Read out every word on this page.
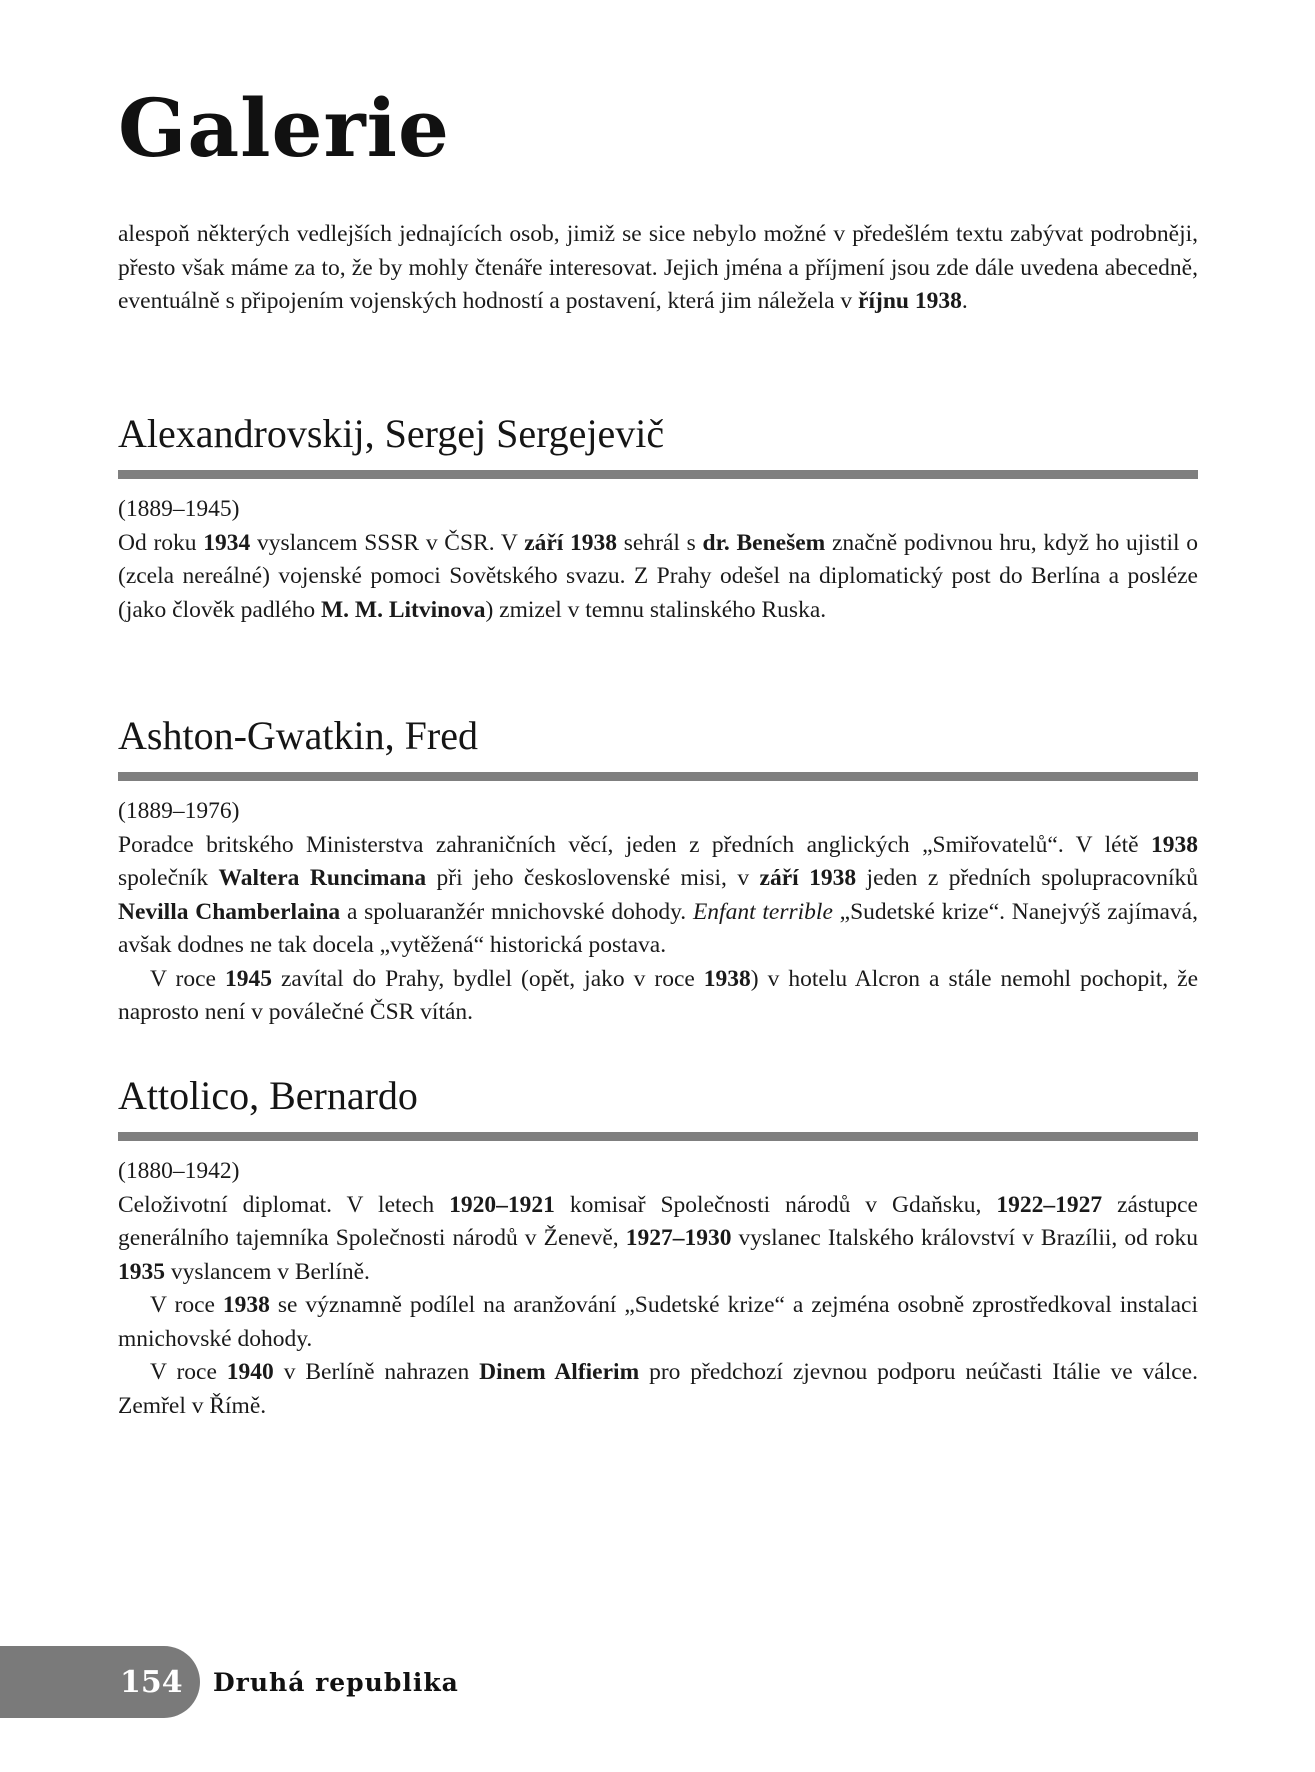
Galerie

alespoň některých vedlejších jednajících osob, jimiž se sice nebylo možné v předešlém textu zabývat podrobněji, přesto však máme za to, že by mohly čtenáře interesovat. Jejich jména a příjmení jsou zde dále uvedena abecedně, eventuálně s připojením vojenských hodností a postavení, která jim náležela v říjnu 1938.

Alexandrovskij, Sergej Sergejevič

(1889–1945)

Od roku 1934 vyslancem SSSR v ČSR. V září 1938 sehrál s dr. Benešem značně podivnou hru, když ho ujistil o (zcela nereálné) vojenské pomoci Sovětského svazu. Z Prahy odešel na diplomatický post do Berlína a posléze (jako člověk padlého M. M. Litvinova) zmizel v temnu stalinského Ruska.

Ashton-Gwatkin, Fred

(1889–1976)

Poradce britského Ministerstva zahraničních věcí, jeden z předních anglických „Smiřovatelů“. V létě 1938 společník Waltera Runcimana při jeho československé misi, v září 1938 jeden z předních spolupracovníků Nevilla Chamberlaina a spoluaranžér mnichovské dohody. Enfant terrible „Sudetské krize“. Nanejvýš zajímavá, avšak dodnes ne tak docela „vytěžená“ historická postava.

V roce 1945 zavítal do Prahy, bydlel (opět, jako v roce 1938) v hotelu Alcron a stále nemohl pochopit, že naprosto není v poválečné ČSR vítán.

Attolico, Bernardo

(1880–1942)

Celoživotní diplomat. V letech 1920–1921 komisař Společnosti národů v Gdaňsku, 1922–1927 zástupce generálního tajemníka Společnosti národů v Ženevě, 1927–1930 vyslanec Italského království v Brazílii, od roku 1935 vyslancem v Berlíně.

V roce 1938 se významně podílel na aranžování „Sudetské krize“ a zejména osobně zprostředkoval instalaci mnichovské dohody.

V roce 1940 v Berlíně nahrazen Dinem Alfierim pro předchozí zjevnou podporu neúčasti Itálie ve válce. Zemřel v Římě.

154 Druhá republika
